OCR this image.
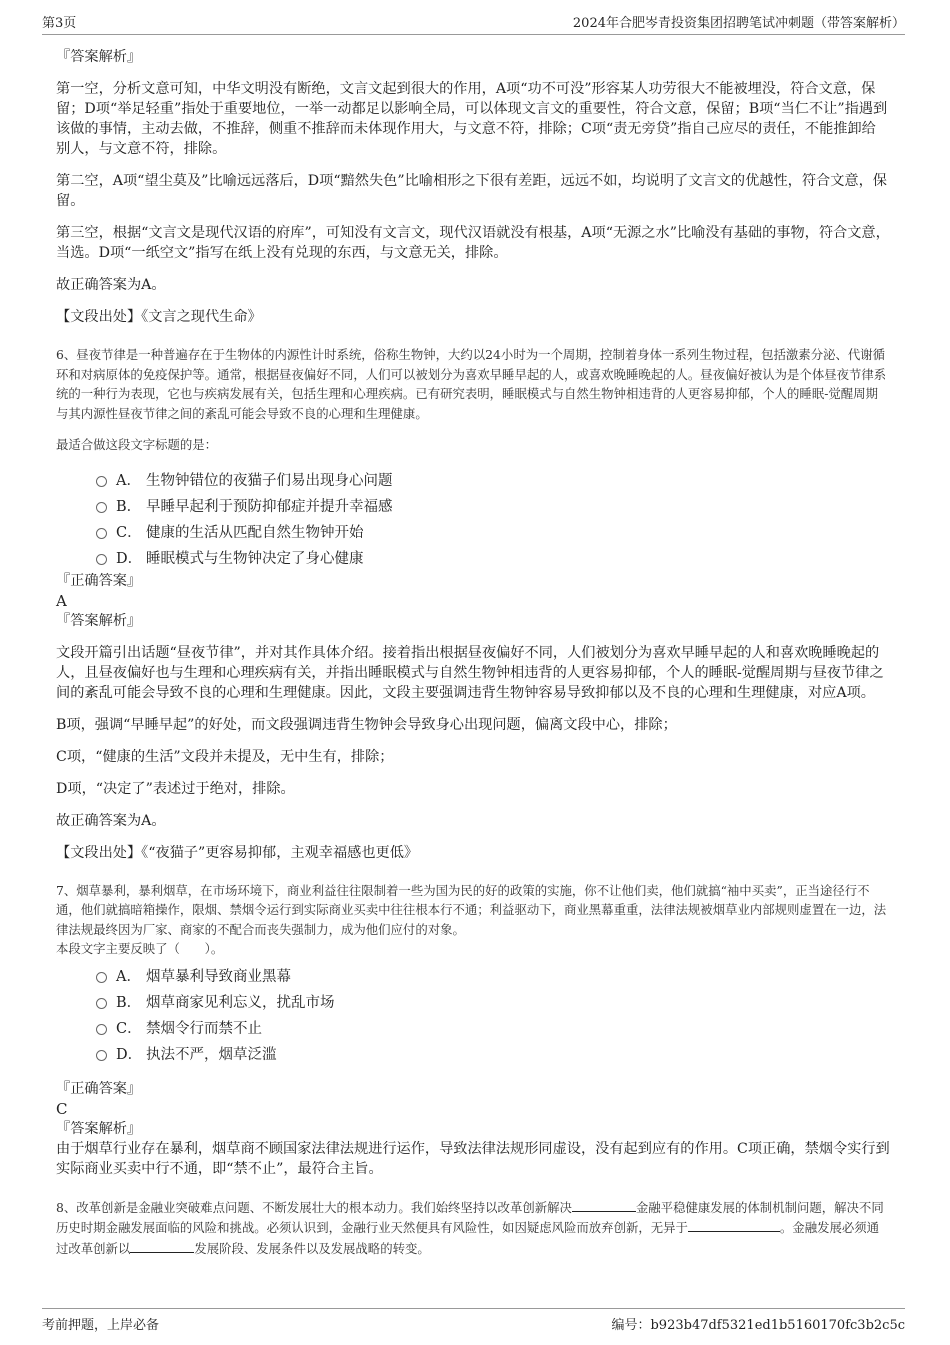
第3页	2024年合肥岑青投资集团招聘笔试冲刺题（带答案解析）
『答案解析』

第一空，分析文意可知，中华文明没有断绝，文言文起到很大的作用，A项“功不可没”形容某人功劳很大不能被埋没，符合文意，保留；D项“举足轻重”指处于重要地位，一举一动都足以影响全局，可以体现文言文的重要性，符合文意，保留；B项“当仁不让”指遇到该做的事情，主动去做，不推辞，侧重不推辞而未体现作用大，与文意不符，排除；C项“责无旁贷”指自己应尽的责任，不能推卸给别人，与文意不符，排除。

第二空，A项“望尘莫及”比喻远远落后，D项“黯然失色”比喻相形之下很有差距，远远不如，均说明了文言文的优越性，符合文意，保留。

第三空，根据“文言文是现代汉语的府库”，可知没有文言文，现代汉语就没有根基，A项“无源之水”比喻没有基础的事物，符合文意，当选。D项“一纸空文”指写在纸上没有兑现的东西，与文意无关，排除。

故正确答案为A。

【文段出处】《文言之现代生命》

6、昼夜节律是一种普遍存在于生物体的内源性计时系统，俗称生物钟，大约以24小时为一个周期，控制着身体一系列生物过程，包括激素分泌、代谢循环和对病原体的免疫保护等。通常，根据昼夜偏好不同，人们可以被划分为喜欢早睡早起的人，或喜欢晚睡晚起的人。昼夜偏好被认为是个体昼夜节律系统的一种行为表现，它也与疾病发展有关，包括生理和心理疾病。已有研究表明，睡眠模式与自然生物钟相违背的人更容易抑郁，个人的睡眠-觉醒周期与其内源性昼夜节律之间的紊乱可能会导致不良的心理和生理健康。

最适合做这段文字标题的是：

A． 生物钟错位的夜猫子们易出现身心问题
B． 早睡早起利于预防抑郁症并提升幸福感
C． 健康的生活从匹配自然生物钟开始
D． 睡眠模式与生物钟决定了身心健康
『正确答案』
A
『答案解析』

文段开篇引出话题“昼夜节律”，并对其作具体介绍。接着指出根据昼夜偏好不同，人们被划分为喜欢早睡早起的人和喜欢晚睡晚起的人，且昼夜偏好也与生理和心理疾病有关，并指出睡眠模式与自然生物钟相违背的人更容易抑郁，个人的睡眠-觉醒周期与昼夜节律之间的紊乱可能会导致不良的心理和生理健康。因此，文段主要强调违背生物钟容易导致抑郁以及不良的心理和生理健康，对应A项。

B项，强调“早睡早起”的好处，而文段强调违背生物钟会导致身心出现问题，偏离文段中心，排除；

C项，“健康的生活”文段并未提及，无中生有，排除；

D项，“决定了”表述过于绝对，排除。

故正确答案为A。

【文段出处】《“夜猫子”更容易抑郁，主观幸福感也更低》

7、烟草暴利，暴利烟草，在市场环境下，商业利益往往限制着一些为国为民的好的政策的实施，你不让他们卖，他们就搞“袖中买卖”，正当途径行不通，他们就搞暗箱操作，限烟、禁烟令运行到实际商业买卖中往往根本行不通；利益驱动下，商业黑幕重重，法律法规被烟草业内部规则虚置在一边，法律法规最终因为厂家、商家的不配合而丧失强制力，成为他们应付的对象。

本段文字主要反映了（　　）。

A． 烟草暴利导致商业黑幕
B． 烟草商家见利忘义，扰乱市场
C． 禁烟令行而禁不止
D． 执法不严，烟草泛滥
『正确答案』
C
『答案解析』

由于烟草行业存在暴利，烟草商不顾国家法律法规进行运作，导致法律法规形同虚设，没有起到应有的作用。C项正确，禁烟令实行到实际商业买卖中行不通，即“禁不止”，最符合主旨。

8、改革创新是金融业突破难点问题、不断发展壮大的根本动力。我们始终坚持以改革创新解决	金融平稳健康发展的体制机制问题，解决不同历史时期金融发展面临的风险和挑战。必须认识到，金融行业天然便具有风险性，如因疑虑风险而放弃创新，无异于	。金融发展必须通过改革创新以	发展阶段、发展条件以及发展战略的转变。

考前押题，上岸必备	编号：b923b47df5321ed1b5160170fc3b2c5c
